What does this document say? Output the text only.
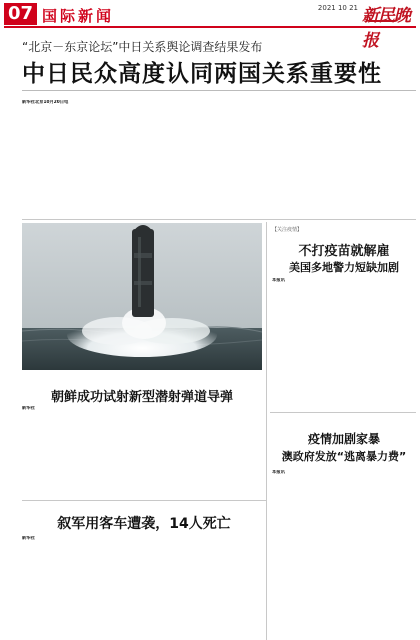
07 国际新闻	2021 10 21 新民晚报
“北京－东京论坛”中日关系舆论调查结果发布
中日民众高度认同两国关系重要性
新华社北京10月20日电
【关注疫情】
不打疫苗就解雇
美国多地警力短缺加剧
本报讯
朝鲜成功试射新型潜射弹道导弹
新华社
疫情加剧家暴
澳政府发放“逃离暴力费”
本报讯
叙军用客车遭袭，14人死亡
新华社
